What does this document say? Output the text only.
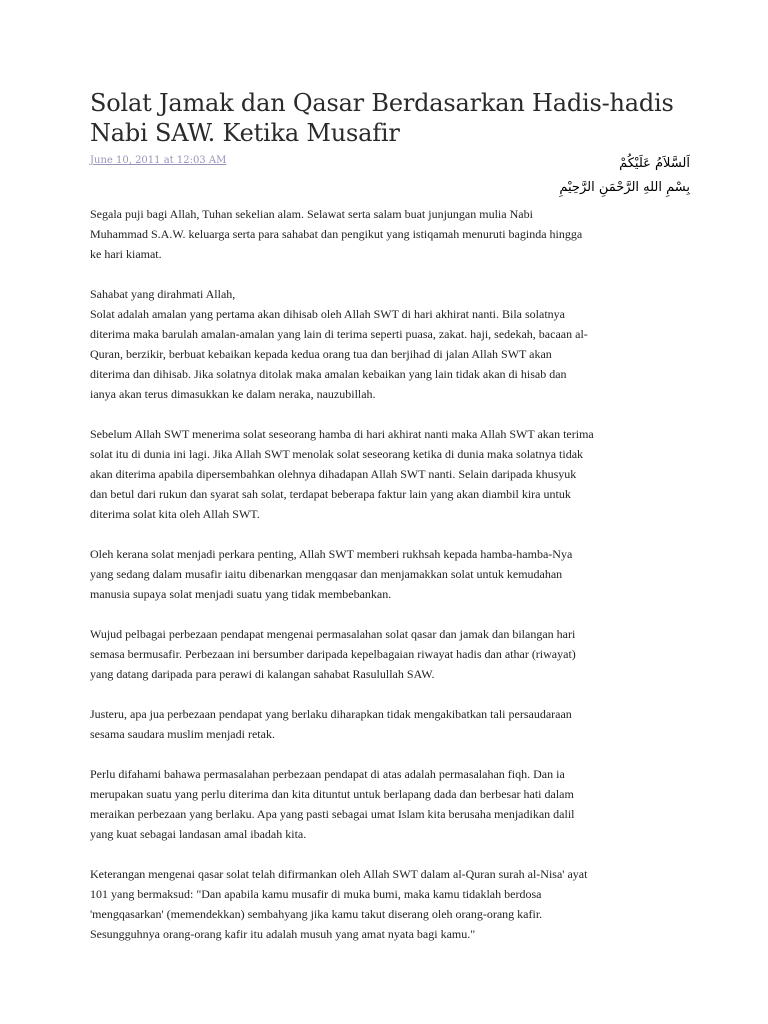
Solat Jamak dan Qasar Berdasarkan Hadis-hadis Nabi SAW. Ketika Musafir
June 10, 2011 at 12:03 AM	اَلسَّلاَمُ عَلَيْكُمْ
بِسْمِ اللهِ الرَّحْمَنِ الرَّحِيْمِ

Segala puji bagi Allah, Tuhan sekelian alam. Selawat serta salam buat junjungan mulia Nabi
Muhammad S.A.W. keluarga serta para sahabat dan pengikut yang istiqamah menuruti baginda hingga
ke hari kiamat.

Sahabat yang dirahmati Allah,
Solat adalah amalan yang pertama akan dihisab oleh Allah SWT di hari akhirat nanti. Bila solatnya
diterima maka barulah amalan-amalan yang lain di terima seperti puasa, zakat. haji, sedekah, bacaan al-
Quran, berzikir, berbuat kebaikan kepada kedua orang tua dan berjihad di jalan Allah SWT akan
diterima dan dihisab. Jika solatnya ditolak maka amalan kebaikan yang lain tidak akan di hisab dan
ianya akan terus dimasukkan ke dalam neraka, nauzubillah.

Sebelum Allah SWT menerima solat seseorang hamba di hari akhirat nanti maka Allah SWT akan terima
solat itu di dunia ini lagi. Jika Allah SWT menolak solat seseorang ketika di dunia maka solatnya tidak
akan diterima apabila dipersembahkan olehnya dihadapan Allah SWT nanti. Selain daripada khusyuk
dan betul dari rukun dan syarat sah solat, terdapat beberapa faktur lain yang akan diambil kira untuk
diterima solat kita oleh Allah SWT.

Oleh kerana solat menjadi perkara penting, Allah SWT memberi rukhsah kepada hamba-hamba-Nya
yang sedang dalam musafir iaitu dibenarkan mengqasar dan menjamakkan solat untuk kemudahan
manusia supaya solat menjadi suatu yang tidak membebankan.

Wujud pelbagai perbezaan pendapat mengenai permasalahan solat qasar dan jamak dan bilangan hari
semasa bermusafir. Perbezaan ini bersumber daripada kepelbagaian riwayat hadis dan athar (riwayat)
yang datang daripada para perawi di kalangan sahabat Rasulullah SAW.

Justeru, apa jua perbezaan pendapat yang berlaku diharapkan tidak mengakibatkan tali persaudaraan
sesama saudara muslim menjadi retak.

Perlu difahami bahawa permasalahan perbezaan pendapat di atas adalah permasalahan fiqh. Dan ia
merupakan suatu yang perlu diterima dan kita dituntut untuk berlapang dada dan berbesar hati dalam
meraikan perbezaan yang berlaku. Apa yang pasti sebagai umat Islam kita berusaha menjadikan dalil
yang kuat sebagai landasan amal ibadah kita.

Keterangan mengenai qasar solat telah difirmankan oleh Allah SWT dalam al-Quran surah al-Nisa' ayat
101 yang bermaksud: "Dan apabila kamu musafir di muka bumi, maka kamu tidaklah berdosa
'mengqasarkan' (memendekkan) sembahyang jika kamu takut diserang oleh orang-orang kafir.
Sesungguhnya orang-orang kafir itu adalah musuh yang amat nyata bagi kamu."
